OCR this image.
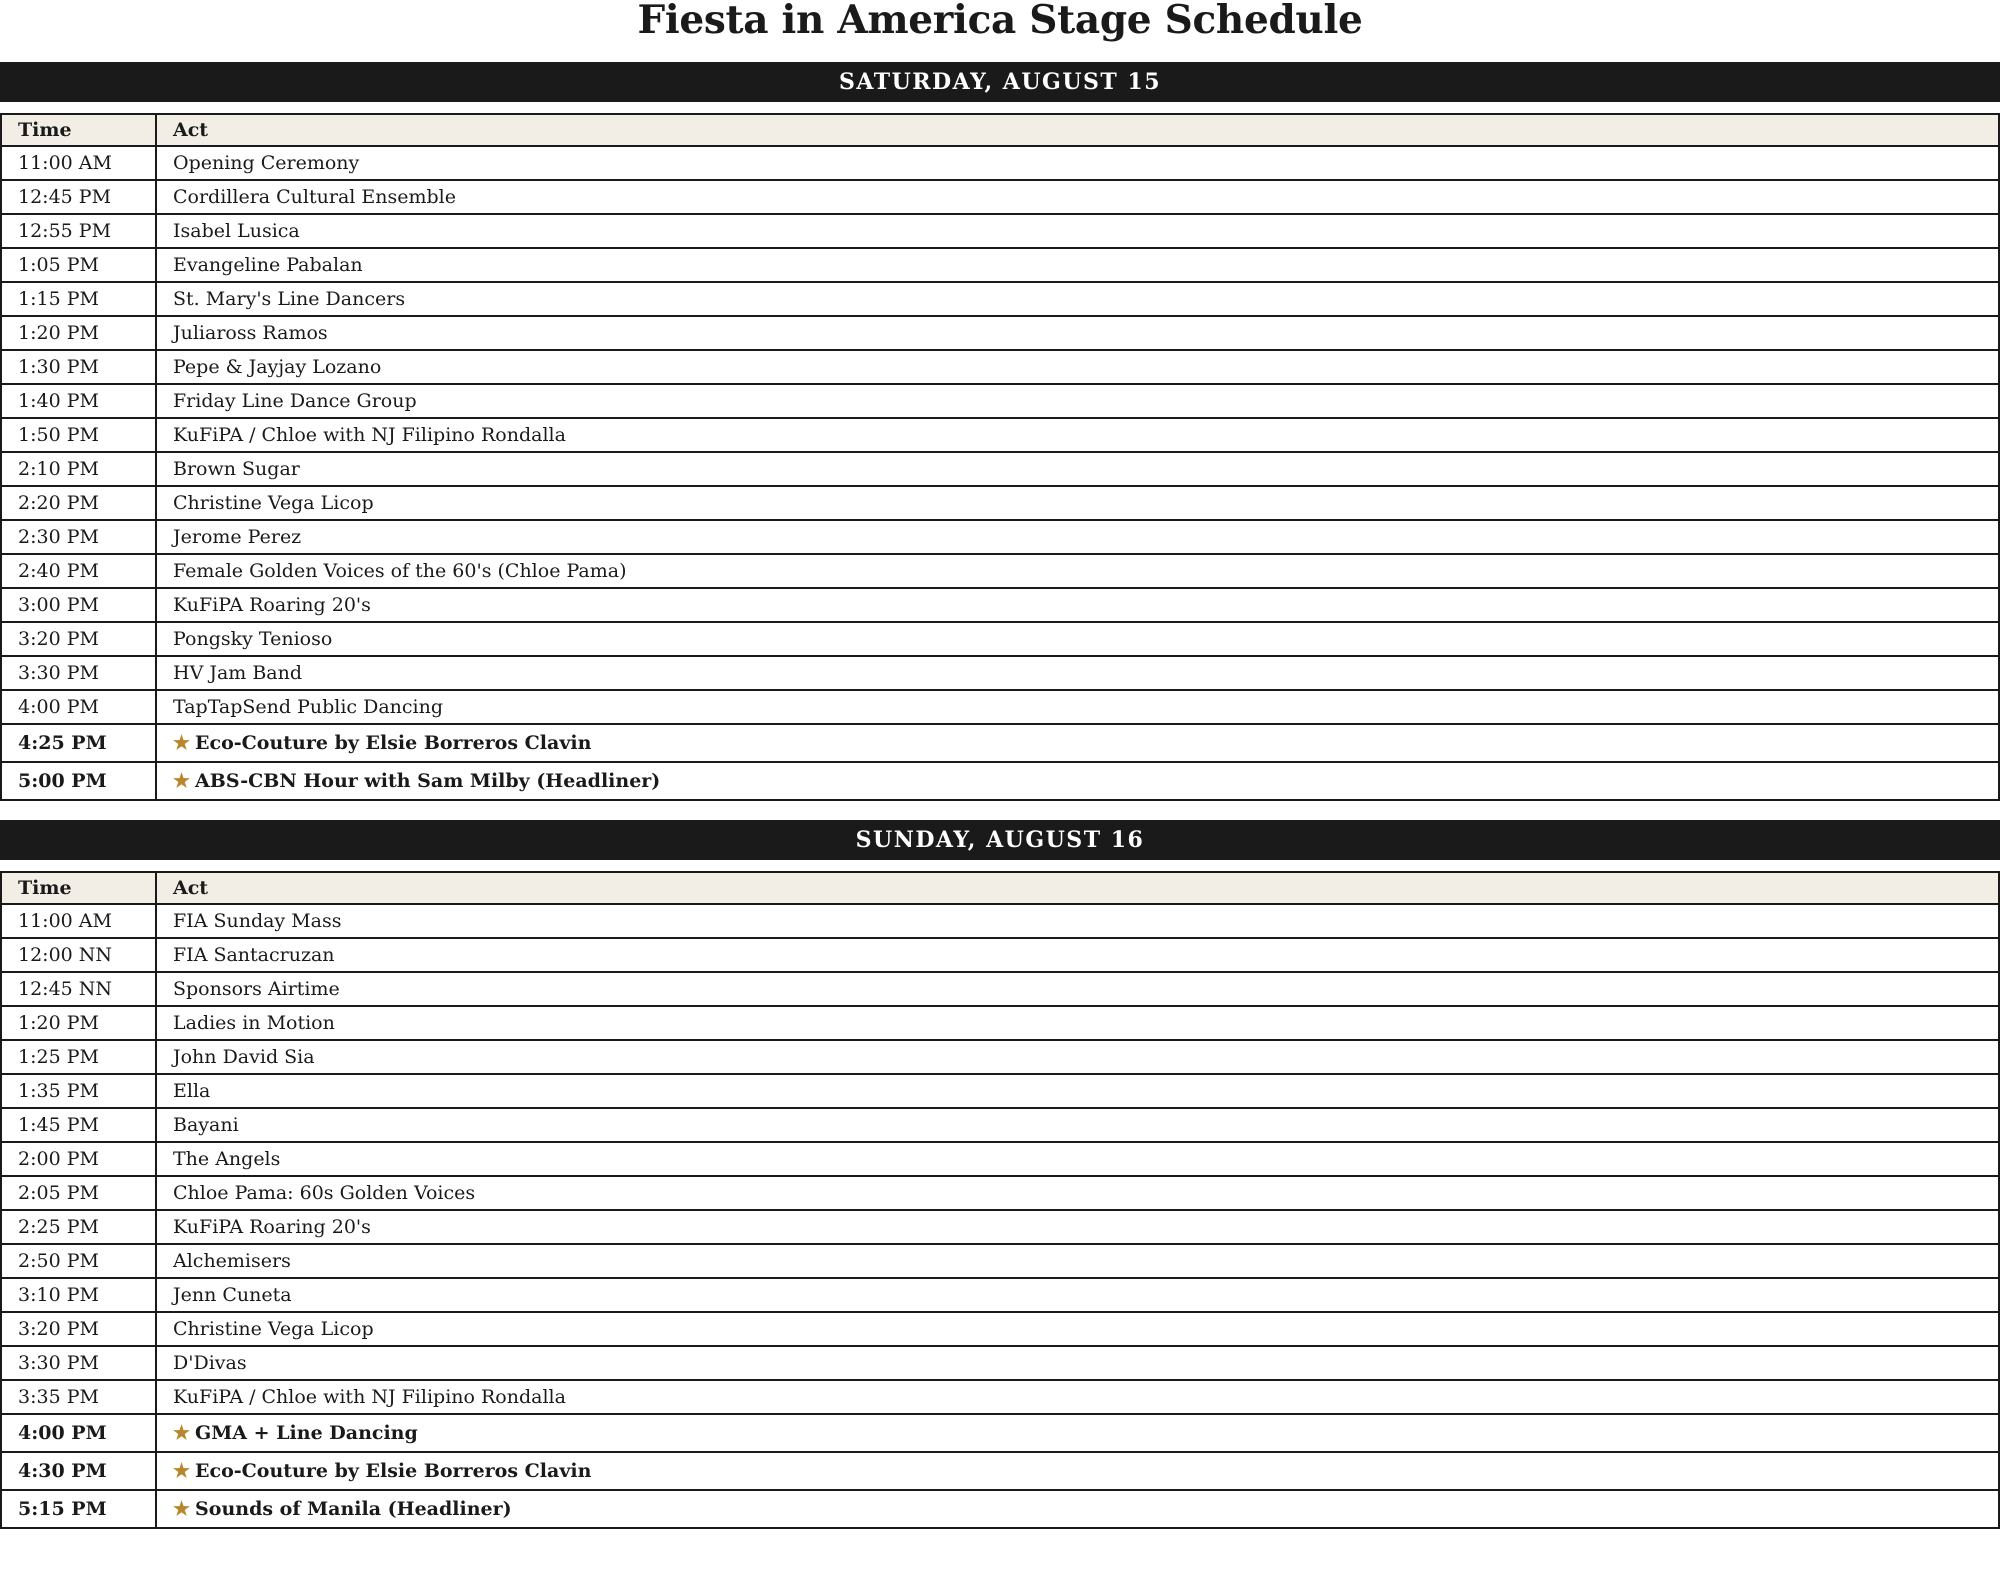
Fiesta in America Stage Schedule
SATURDAY, AUGUST 15
Time	Act
11:00 AM	Opening Ceremony
12:45 PM	Cordillera Cultural Ensemble
12:55 PM	Isabel Lusica
1:05 PM	Evangeline Pabalan
1:15 PM	St. Mary's Line Dancers
1:20 PM	Juliaross Ramos
1:30 PM	Pepe & Jayjay Lozano
1:40 PM	Friday Line Dance Group
1:50 PM	KuFiPA / Chloe with NJ Filipino Rondalla
2:10 PM	Brown Sugar
2:20 PM	Christine Vega Licop
2:30 PM	Jerome Perez
2:40 PM	Female Golden Voices of the 60's (Chloe Pama)
3:00 PM	KuFiPA Roaring 20's
3:20 PM	Pongsky Tenioso
3:30 PM	HV Jam Band
4:00 PM	TapTapSend Public Dancing
4:25 PM	★ Eco-Couture by Elsie Borreros Clavin
5:00 PM	★ ABS-CBN Hour with Sam Milby (Headliner)
SUNDAY, AUGUST 16
Time	Act
11:00 AM	FIA Sunday Mass
12:00 NN	FIA Santacruzan
12:45 NN	Sponsors Airtime
1:20 PM	Ladies in Motion
1:25 PM	John David Sia
1:35 PM	Ella
1:45 PM	Bayani
2:00 PM	The Angels
2:05 PM	Chloe Pama: 60s Golden Voices
2:25 PM	KuFiPA Roaring 20's
2:50 PM	Alchemisers
3:10 PM	Jenn Cuneta
3:20 PM	Christine Vega Licop
3:30 PM	D'Divas
3:35 PM	KuFiPA / Chloe with NJ Filipino Rondalla
4:00 PM	★ GMA + Line Dancing
4:30 PM	★ Eco-Couture by Elsie Borreros Clavin
5:15 PM	★ Sounds of Manila (Headliner)
